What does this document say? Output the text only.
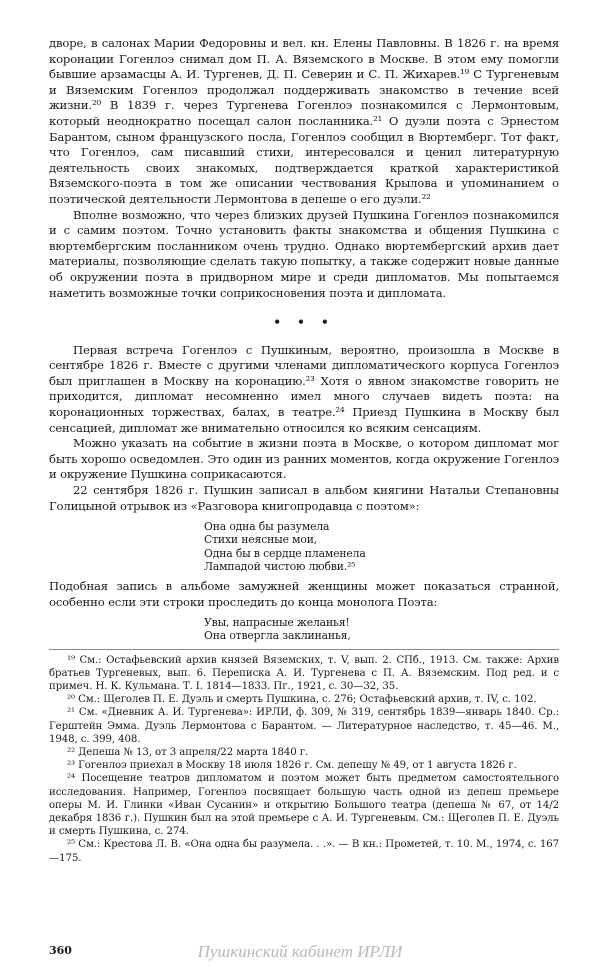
дворе, в салонах Марии Федоровны и вел. кн. Елены Павловны. В 1826 г. на время коронации Гогенлоэ снимал дом П. А. Вяземского в Москве. В этом ему помогли бывшие арзамасцы А. И. Тургенев, Д. П. Северин и С. П. Жихарев.¹⁹ С Тургеневым и Вяземским Гогенлоэ продолжал поддерживать знакомство в течение всей жизни.²⁰ В 1839 г. через Тургенева Гогенлоэ познакомился с Лермонтовым, который неоднократно посещал салон посланника.²¹ О дуэли поэта с Эрнестом Барантом, сыном французского посла, Гогенлоэ сообщил в Вюртемберг. Тот факт, что Гогенлоэ, сам писавший стихи, интересовался и ценил литературную деятельность своих знакомых, подтверждается краткой характеристикой Вяземского-поэта в том же описании чествования Крылова и упоминанием о поэтической деятельности Лермонтова в депеше о его дуэли.²²

Вполне возможно, что через близких друзей Пушкина Гогенлоэ познакомился и с самим поэтом. Точно установить факты знакомства и общения Пушкина с вюртембергским посланником очень трудно. Однако вюртембергский архив дает материалы, позволяющие сделать такую попытку, а также содержит новые данные об окружении поэта в придворном мире и среди дипломатов. Мы попытаемся наметить возможные точки соприкосновения поэта и дипломата.

• • •

Первая встреча Гогенлоэ с Пушкиным, вероятно, произошла в Москве в сентябре 1826 г. Вместе с другими членами дипломатического корпуса Гогенлоэ был приглашен в Москву на коронацию.²³ Хотя о явном знакомстве говорить не приходится, дипломат несомненно имел много случаев видеть поэта: на коронационных торжествах, балах, в театре.²⁴ Приезд Пушкина в Москву был сенсацией, дипломат же внимательно относился ко всяким сенсациям.

Можно указать на событие в жизни поэта в Москве, о котором дипломат мог быть хорошо осведомлен. Это один из ранних моментов, когда окружение Гогенлоэ и окружение Пушкина соприкасаются.

22 сентября 1826 г. Пушкин записал в альбом княгини Натальи Степановны Голицыной отрывок из «Разговора книгопродавца с поэтом»:

Она одна бы разумела
Стихи неясные мои,
Одна бы в сердце пламенела
Лампадой чистою любви.²⁵

Подобная запись в альбоме замужней женщины может показаться странной, особенно если эти строки проследить до конца монолога Поэта:

Увы, напрасные желанья!
Она отвергла заклинанья,

¹⁹ См.: Остафьевский архив князей Вяземских, т. V, вып. 2. СПб., 1913. См. также: Архив братьев Тургеневых, вып. 6. Переписка А. И. Тургенева с П. А. Вяземским. Под ред. и с примеч. Н. К. Кульмана. Т. I. 1814—1833. Пг., 1921, с. 30—32, 35.

²⁰ См.: Щеголев П. Е. Дуэль и смерть Пушкина, с. 276; Остафьевский архив, т. IV, с. 102.

²¹ См. «Дневник А. И. Тургенева»: ИРЛИ, ф. 309, № 319, сентябрь 1839—январь 1840. Ср.: Герштейн Эмма. Дуэль Лермонтова с Барантом. — Литературное наследство, т. 45—46. М., 1948, с. 399, 408.

²² Депеша № 13, от 3 апреля/22 марта 1840 г.

²³ Гогенлоэ приехал в Москву 18 июля 1826 г. См. депешу № 49, от 1 августа 1826 г.

²⁴ Посещение театров дипломатом и поэтом может быть предметом самостоятельного исследования. Например, Гогенлоэ посвящает большую часть одной из депеш премьере оперы М. И. Глинки «Иван Сусанин» и открытию Большого театра (депеша № 67, от 14/2 декабря 1836 г.). Пушкин был на этой премьере с А. И. Тургеневым. См.: Щеголев П. Е. Дуэль и смерть Пушкина, с. 274.

²⁵ См.: Крестова Л. В. «Она одна бы разумела. . .». — В кн.: Прометей, т. 10. М., 1974, с. 167—175.

360	Пушкинский кабинет ИРЛИ
